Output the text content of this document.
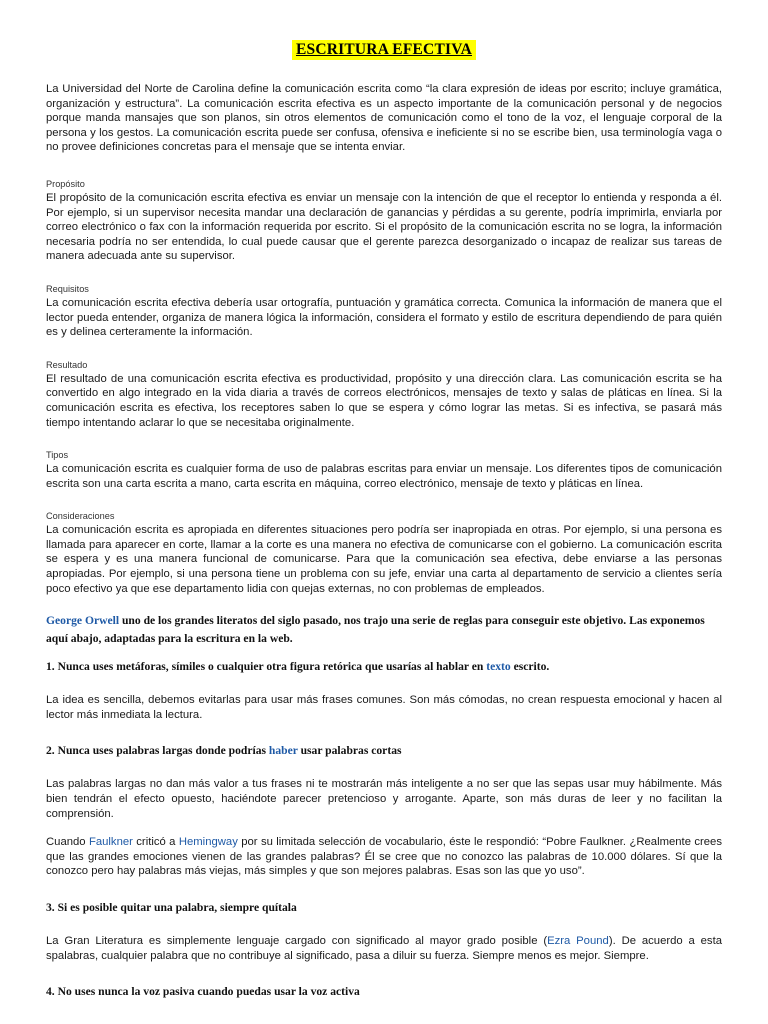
ESCRITURA EFECTIVA

La Universidad del Norte de Carolina define la comunicación escrita como “la clara expresión de ideas por escrito; incluye gramática, organización y estructura”. La comunicación escrita efectiva es un aspecto importante de la comunicación personal y de negocios porque manda mansajes que son planos, sin otros elementos de comunicación como el tono de la voz, el lenguaje corporal de la persona y los gestos. La comunicación escrita puede ser confusa, ofensiva e ineficiente si no se escribe bien, usa terminología vaga o no provee definiciones concretas para el mensaje que se intenta enviar.

Propósito

El propósito de la comunicación escrita efectiva es enviar un mensaje con la intención de que el receptor lo entienda y responda a él. Por ejemplo, si un supervisor necesita mandar una declaración de ganancias y pérdidas a su gerente, podría imprimirla, enviarla por correo electrónico o fax con la información requerida por escrito. Si el propósito de la comunicación escrita no se logra, la información necesaria podría no ser entendida, lo cual puede causar que el gerente parezca desorganizado o incapaz de realizar sus tareas de manera adecuada ante su supervisor.

Requisitos

La comunicación escrita efectiva debería usar ortografía, puntuación y gramática correcta. Comunica la información de manera que el lector pueda entender, organiza de manera lógica la información, considera el formato y estilo de escritura dependiendo de para quién es y delinea certeramente la información.

Resultado

El resultado de una comunicación escrita efectiva es productividad, propósito y una dirección clara. Las comunicación escrita se ha convertido en algo integrado en la vida diaria a través de correos electrónicos, mensajes de texto y salas de pláticas en línea. Si la comunicación escrita es efectiva, los receptores saben lo que se espera y cómo lograr las metas. Si es infectiva, se pasará más tiempo intentando aclarar lo que se necesitaba originalmente.

Tipos

La comunicación escrita es cualquier forma de uso de palabras escritas para enviar un mensaje. Los diferentes tipos de comunicación escrita son una carta escrita a mano, carta escrita en máquina, correo electrónico, mensaje de texto y pláticas en línea.

Consideraciones

La comunicación escrita es apropiada en diferentes situaciones pero podría ser inapropiada en otras. Por ejemplo, si una persona es llamada para aparecer en corte, llamar a la corte es una manera no efectiva de comunicarse con el gobierno. La comunicación escrita se espera y es una manera funcional de comunicarse. Para que la comunicación sea efectiva, debe enviarse a las personas apropiadas. Por ejemplo, si una persona tiene un problema con su jefe, enviar una carta al departamento de servicio a clientes sería poco efectivo ya que ese departamento lidia con quejas externas, no con problemas de empleados.

George Orwell uno de los grandes literatos del siglo pasado, nos trajo una serie de reglas para conseguir este objetivo. Las exponemos aquí abajo, adaptadas para la escritura en la web.

1. Nunca uses metáforas, símiles o cualquier otra figura retórica que usarías al hablar en texto escrito.

La idea es sencilla, debemos evitarlas para usar más frases comunes. Son más cómodas, no crean respuesta emocional y hacen al lector más inmediata la lectura.

2. Nunca uses palabras largas donde podrías haber usar palabras cortas

Las palabras largas no dan más valor a tus frases ni te mostrarán más inteligente a no ser que las sepas usar muy hábilmente. Más bien tendrán el efecto opuesto, haciéndote parecer pretencioso y arrogante. Aparte, son más duras de leer y no facilitan la comprensión.

Cuando Faulkner criticó a Hemingway por su limitada selección de vocabulario, éste le respondió: “Pobre Faulkner. ¿Realmente crees que las grandes emociones vienen de las grandes palabras? Él se cree que no conozco las palabras de 10.000 dólares. Sí que la conozco pero hay palabras más viejas, más simples y que son mejores palabras. Esas son las que yo uso”.

3. Si es posible quitar una palabra, siempre quítala

La Gran Literatura es simplemente lenguaje cargado con significado al mayor grado posible (Ezra Pound). De acuerdo a esta spalabras, cualquier palabra que no contribuye al significado, pasa a diluir su fuerza. Siempre menos es mejor. Siempre.

4. No uses nunca la voz pasiva cuando puedas usar la voz activa
